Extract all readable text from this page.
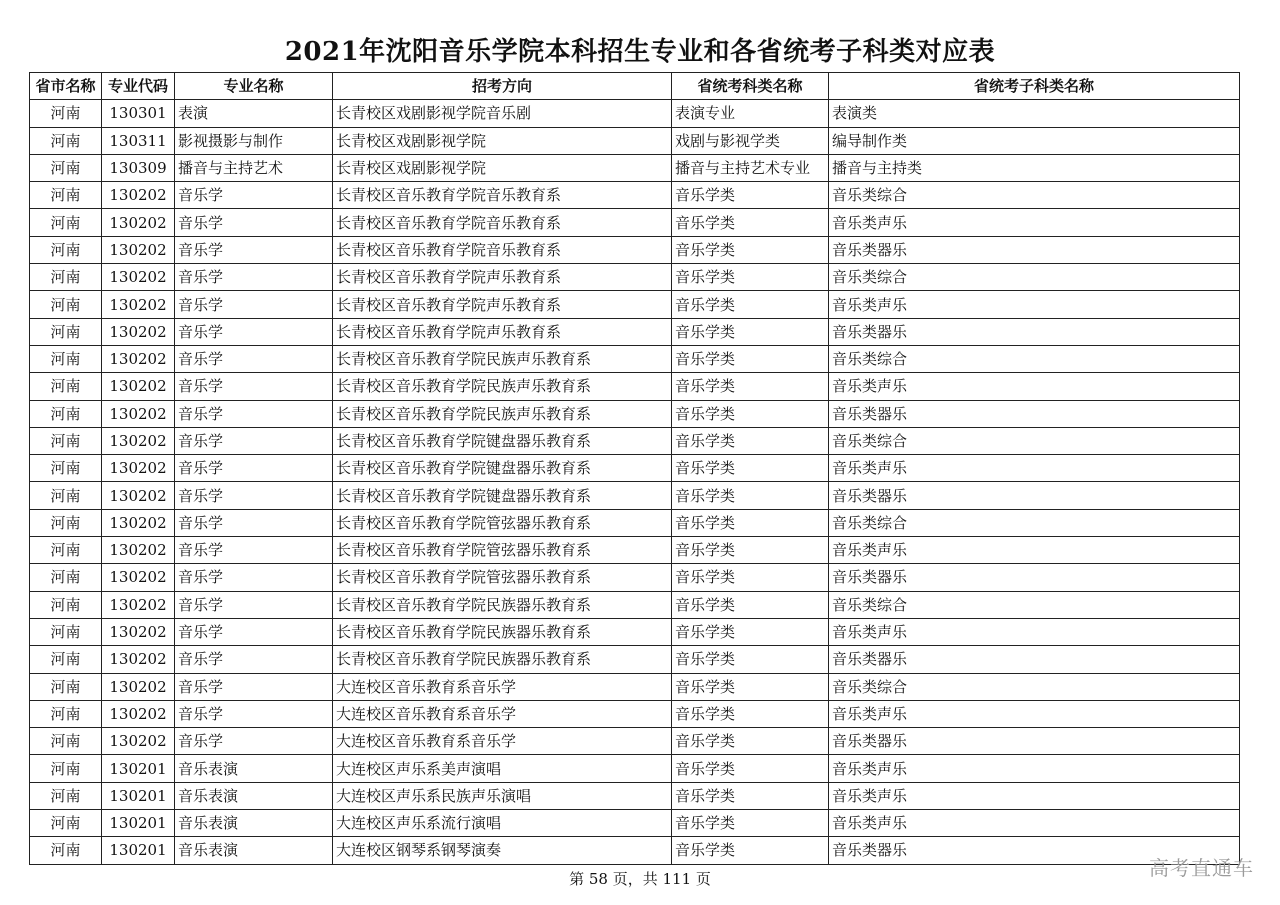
2021年沈阳音乐学院本科招生专业和各省统考子科类对应表
省市名称	专业代码	专业名称	招考方向	省统考科类名称	省统考子科类名称
河南	130301	表演	长青校区戏剧影视学院音乐剧	表演专业	表演类
河南	130311	影视摄影与制作	长青校区戏剧影视学院	戏剧与影视学类	编导制作类
河南	130309	播音与主持艺术	长青校区戏剧影视学院	播音与主持艺术专业	播音与主持类
河南	130202	音乐学	长青校区音乐教育学院音乐教育系	音乐学类	音乐类综合
河南	130202	音乐学	长青校区音乐教育学院音乐教育系	音乐学类	音乐类声乐
河南	130202	音乐学	长青校区音乐教育学院音乐教育系	音乐学类	音乐类器乐
河南	130202	音乐学	长青校区音乐教育学院声乐教育系	音乐学类	音乐类综合
河南	130202	音乐学	长青校区音乐教育学院声乐教育系	音乐学类	音乐类声乐
河南	130202	音乐学	长青校区音乐教育学院声乐教育系	音乐学类	音乐类器乐
河南	130202	音乐学	长青校区音乐教育学院民族声乐教育系	音乐学类	音乐类综合
河南	130202	音乐学	长青校区音乐教育学院民族声乐教育系	音乐学类	音乐类声乐
河南	130202	音乐学	长青校区音乐教育学院民族声乐教育系	音乐学类	音乐类器乐
河南	130202	音乐学	长青校区音乐教育学院键盘器乐教育系	音乐学类	音乐类综合
河南	130202	音乐学	长青校区音乐教育学院键盘器乐教育系	音乐学类	音乐类声乐
河南	130202	音乐学	长青校区音乐教育学院键盘器乐教育系	音乐学类	音乐类器乐
河南	130202	音乐学	长青校区音乐教育学院管弦器乐教育系	音乐学类	音乐类综合
河南	130202	音乐学	长青校区音乐教育学院管弦器乐教育系	音乐学类	音乐类声乐
河南	130202	音乐学	长青校区音乐教育学院管弦器乐教育系	音乐学类	音乐类器乐
河南	130202	音乐学	长青校区音乐教育学院民族器乐教育系	音乐学类	音乐类综合
河南	130202	音乐学	长青校区音乐教育学院民族器乐教育系	音乐学类	音乐类声乐
河南	130202	音乐学	长青校区音乐教育学院民族器乐教育系	音乐学类	音乐类器乐
河南	130202	音乐学	大连校区音乐教育系音乐学	音乐学类	音乐类综合
河南	130202	音乐学	大连校区音乐教育系音乐学	音乐学类	音乐类声乐
河南	130202	音乐学	大连校区音乐教育系音乐学	音乐学类	音乐类器乐
河南	130201	音乐表演	大连校区声乐系美声演唱	音乐学类	音乐类声乐
河南	130201	音乐表演	大连校区声乐系民族声乐演唱	音乐学类	音乐类声乐
河南	130201	音乐表演	大连校区声乐系流行演唱	音乐学类	音乐类声乐
河南	130201	音乐表演	大连校区钢琴系钢琴演奏	音乐学类	音乐类器乐
第 58 页，共 111 页	高考直通车
